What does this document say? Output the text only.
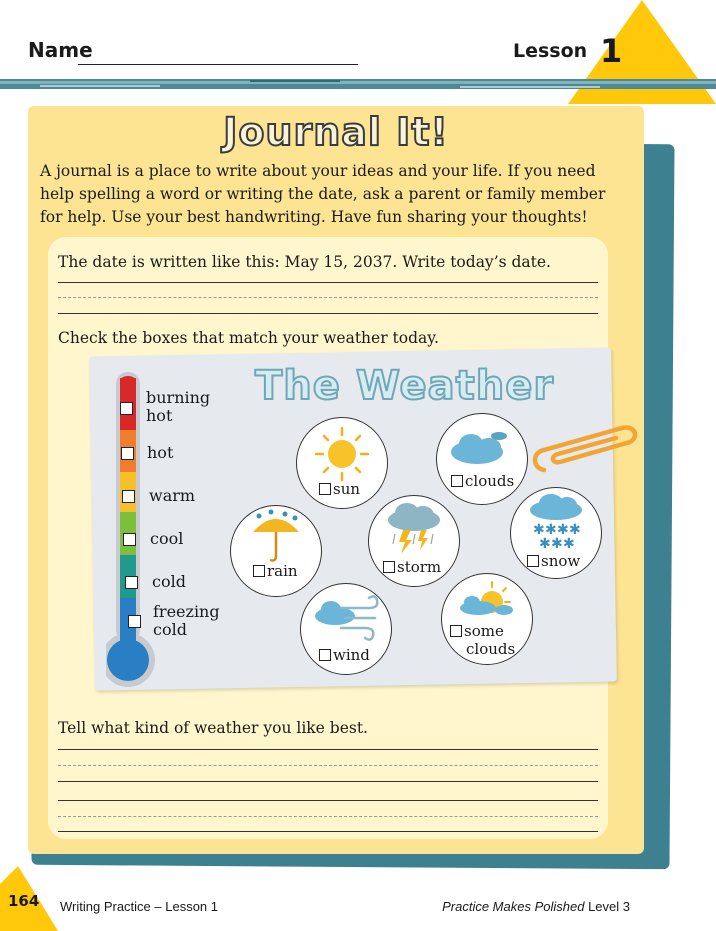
Name	Lesson 1
Journal It!
A journal is a place to write about your ideas and your life. If you need help spelling a word or writing the date, ask a parent or family member for help. Use your best handwriting. Have fun sharing your thoughts!
The date is written like this: May 15, 2037. Write today’s date.
Check the boxes that match your weather today.
The Weather
burning
hot
hot
warm
cool
cold
freezing
cold
sun	clouds
rain	storm
✱ ✱ ✱ ✱
✱ ✱ ✱
snow
wind
some
clouds
Tell what kind of weather you like best.
164 Writing Practice – Lesson 1	Practice Makes Polished Level 3
